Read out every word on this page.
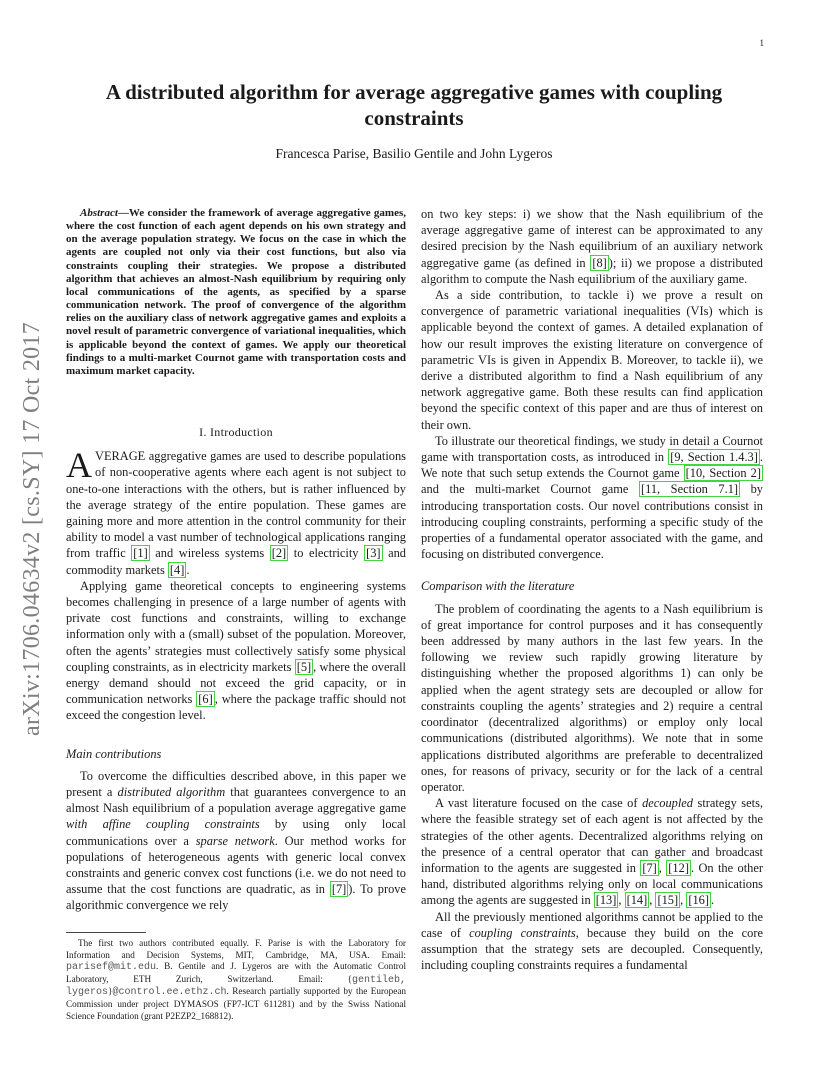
1
arXiv:1706.04634v2 [cs.SY] 17 Oct 2017
A distributed algorithm for average aggregative games with coupling constraints
Francesca Parise, Basilio Gentile and John Lygeros
Abstract—We consider the framework of average aggregative games, where the cost function of each agent depends on his own strategy and on the average population strategy. We focus on the case in which the agents are coupled not only via their cost functions, but also via constraints coupling their strategies. We propose a distributed algorithm that achieves an almost-Nash equilibrium by requiring only local communications of the agents, as specified by a sparse communication network. The proof of convergence of the algorithm relies on the auxiliary class of network aggregative games and exploits a novel result of parametric convergence of variational inequalities, which is applicable beyond the context of games. We apply our theoretical findings to a multi-market Cournot game with transportation costs and maximum market capacity.
I. Introduction

AVERAGE aggregative games are used to describe populations of non-cooperative agents where each agent is not subject to one-to-one interactions with the others, but is rather influenced by the average strategy of the entire population. These games are gaining more and more attention in the control community for their ability to model a vast number of technological applications ranging from traffic [1] and wireless systems [2] to electricity [3] and commodity markets [4] .

Applying game theoretical concepts to engineering systems becomes challenging in presence of a large number of agents with private cost functions and constraints, willing to exchange information only with a (small) subset of the population. Moreover, often the agents’ strategies must collectively satisfy some physical coupling constraints, as in electricity markets [5] , where the overall energy demand should not exceed the grid capacity, or in communication networks [6] , where the package traffic should not exceed the congestion level.

Main contributions

To overcome the difficulties described above, in this paper we present a distributed algorithm that guarantees convergence to an almost Nash equilibrium of a population average aggregative game with affine coupling constraints by using only local communications over a sparse network. Our method works for populations of heterogeneous agents with generic local convex constraints and generic convex cost functions (i.e. we do not need to assume that the cost functions are quadratic, as in [7] ). To prove algorithmic convergence we rely

The first two authors contributed equally. F. Parise is with the Laboratory for Information and Decision Systems, MIT, Cambridge, MA, USA. Email: parisef@mit.edu. B. Gentile and J. Lygeros are with the Automatic Control Laboratory, ETH Zurich, Switzerland. Email: {gentileb, lygeros}@control.ee.ethz.ch. Research partially supported by the European Commission under project DYMASOS (FP7-ICT 611281) and by the Swiss National Science Foundation (grant P2EZP2_168812).

on two key steps: i) we show that the Nash equilibrium of the average aggregative game of interest can be approximated to any desired precision by the Nash equilibrium of an auxiliary network aggregative game (as defined in [8] ); ii) we propose a distributed algorithm to compute the Nash equilibrium of the auxiliary game.

As a side contribution, to tackle i) we prove a result on convergence of parametric variational inequalities (VIs) which is applicable beyond the context of games. A detailed explanation of how our result improves the existing literature on convergence of parametric VIs is given in Appendix B. Moreover, to tackle ii), we derive a distributed algorithm to find a Nash equilibrium of any network aggregative game. Both these results can find application beyond the specific context of this paper and are thus of interest on their own.

To illustrate our theoretical findings, we study in detail a Cournot game with transportation costs, as introduced in [9, Section 1.4.3] . We note that such setup extends the Cournot game [10, Section 2] and the multi-market Cournot game [11, Section 7.1] by introducing transportation costs. Our novel contributions consist in introducing coupling constraints, performing a specific study of the properties of a fundamental operator associated with the game, and focusing on distributed convergence.

Comparison with the literature

The problem of coordinating the agents to a Nash equilibrium is of great importance for control purposes and it has consequently been addressed by many authors in the last few years. In the following we review such rapidly growing literature by distinguishing whether the proposed algorithms 1) can only be applied when the agent strategy sets are decoupled or allow for constraints coupling the agents’ strategies and 2) require a central coordinator (decentralized algorithms) or employ only local communications (distributed algorithms). We note that in some applications distributed algorithms are preferable to decentralized ones, for reasons of privacy, security or for the lack of a central operator.

A vast literature focused on the case of decoupled strategy sets, where the feasible strategy set of each agent is not affected by the strategies of the other agents. Decentralized algorithms relying on the presence of a central operator that can gather and broadcast information to the agents are suggested in [7] , [12] . On the other hand, distributed algorithms relying only on local communications among the agents are suggested in [13] , [14] , [15] , [16] .

All the previously mentioned algorithms cannot be applied to the case of coupling constraints, because they build on the core assumption that the strategy sets are decoupled. Consequently, including coupling constraints requires a fundamental
